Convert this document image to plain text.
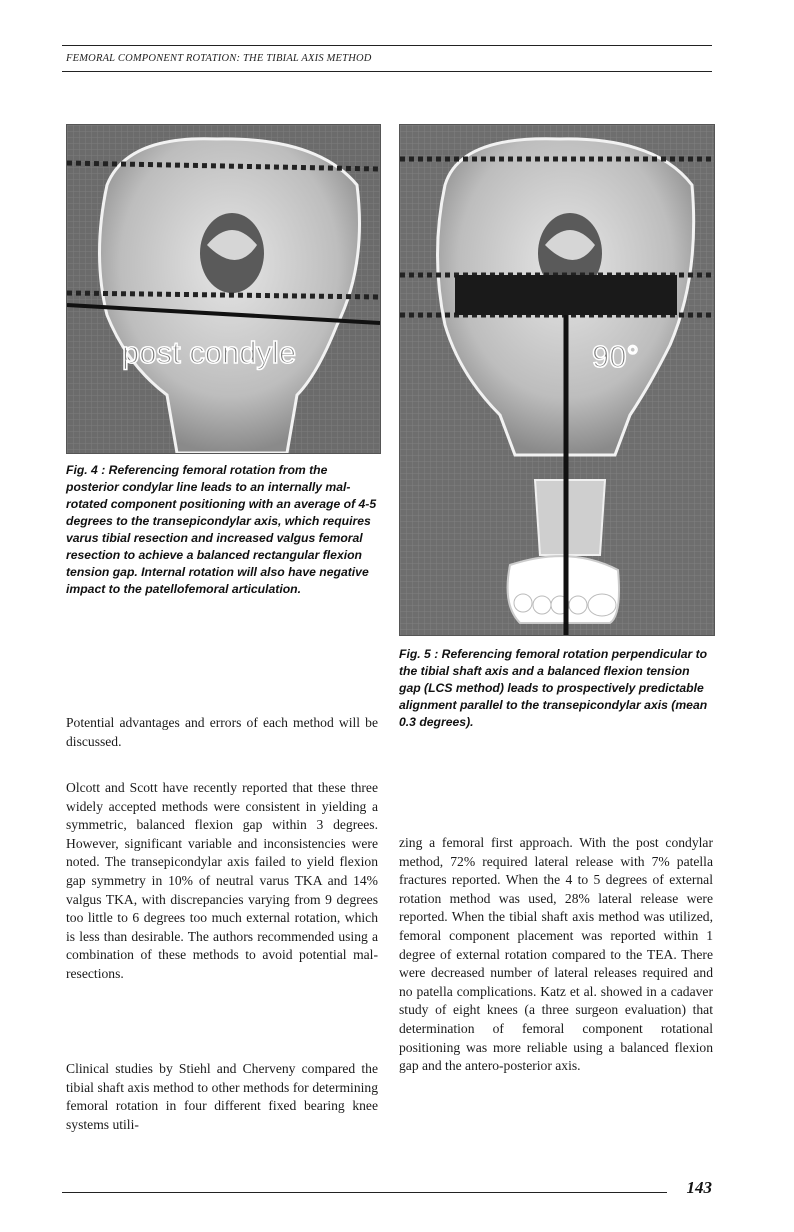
FEMORAL COMPONENT ROTATION: THE TIBIAL AXIS METHOD
post condyle
Fig. 4 : Referencing femoral rotation from the posterior condylar line leads to an internally mal-rotated component positioning with an average of 4-5 degrees to the transepicondylar axis, which requires varus tibial resection and increased valgus femoral resection to achieve a balanced rectangular flexion tension gap. Internal rotation will also have negative impact to the patellofemoral articulation.
90°
Fig. 5 : Referencing femoral rotation perpendicular to the tibial shaft axis and a balanced flexion tension gap (LCS method) leads to prospectively predictable alignment parallel to the transepicondylar axis (mean 0.3 degrees).

Potential advantages and errors of each method will be discussed.

Olcott and Scott have recently reported that these three widely accepted methods were consistent in yielding a symmetric, balanced flexion gap within 3 degrees. However, significant variable and inconsistencies were noted. The transepicondylar axis failed to yield flexion gap symmetry in 10% of neutral varus TKA and 14% valgus TKA, with discrepancies varying from 9 degrees too little to 6 degrees too much external rotation, which is less than desirable. The authors recommended using a combination of these methods to avoid potential mal-resections.

Clinical studies by Stiehl and Cherveny compared the tibial shaft axis method to other methods for determining femoral rotation in four different fixed bearing knee systems utili-

zing a femoral first approach. With the post condylar method, 72% required lateral release with 7% patella fractures reported. When the 4 to 5 degrees of external rotation method was used, 28% lateral release were reported. When the tibial shaft axis method was utilized, femoral component placement was reported within 1 degree of external rotation compared to the TEA. There were decreased number of lateral releases required and no patella complications. Katz et al. showed in a cadaver study of eight knees (a three surgeon evaluation) that determination of femoral component rotational positioning was more reliable using a balanced flexion gap and the antero-posterior axis.

143
